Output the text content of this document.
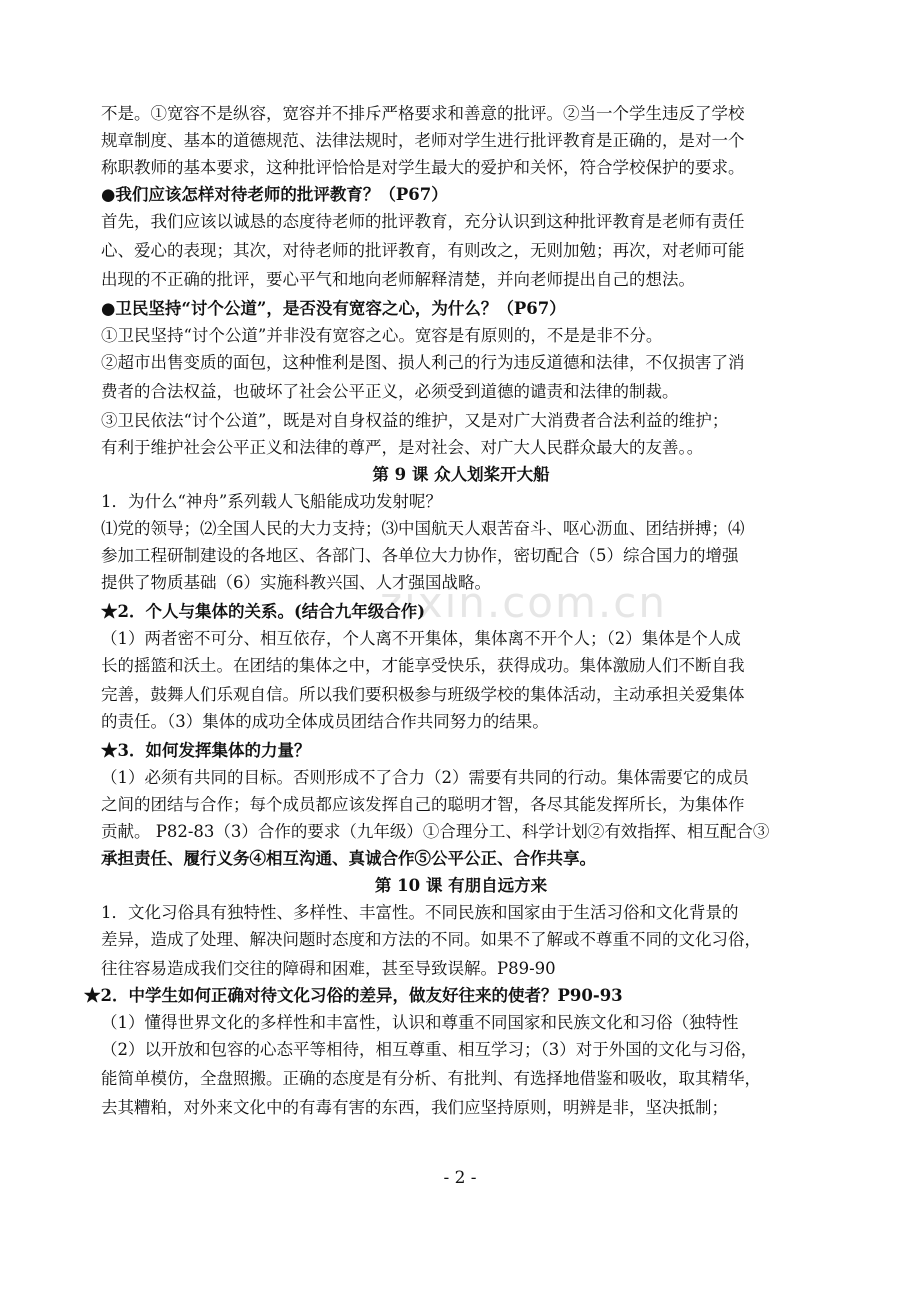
zixin.com.cn
不是。①宽容不是纵容，宽容并不排斥严格要求和善意的批评。②当一个学生违反了学校
规章制度、基本的道德规范、法律法规时，老师对学生进行批评教育是正确的，是对一个
称职教师的基本要求，这种批评恰恰是对学生最大的爱护和关怀，符合学校保护的要求。
●我们应该怎样对待老师的批评教育？（P67）
首先，我们应该以诚恳的态度待老师的批评教育，充分认识到这种批评教育是老师有责任
心、爱心的表现；其次，对待老师的批评教育，有则改之，无则加勉；再次，对老师可能
出现的不正确的批评，要心平气和地向老师解释清楚，并向老师提出自己的想法。
●卫民坚持“讨个公道”，是否没有宽容之心，为什么？（P67）
①卫民坚持“讨个公道”并非没有宽容之心。宽容是有原则的，不是是非不分。
②超市出售变质的面包，这种惟利是图、损人利己的行为违反道德和法律，不仅损害了消
费者的合法权益，也破坏了社会公平正义，必须受到道德的谴责和法律的制裁。
③卫民依法“讨个公道”，既是对自身权益的维护，又是对广大消费者合法利益的维护；
有利于维护社会公平正义和法律的尊严，是对社会、对广大人民群众最大的友善。。
第 9 课 众人划桨开大船
1．为什么“神舟”系列载人飞船能成功发射呢？
⑴党的领导；⑵全国人民的大力支持；⑶中国航天人艰苦奋斗、呕心沥血、团结拼搏；⑷
参加工程研制建设的各地区、各部门、各单位大力协作，密切配合（5）综合国力的增强
提供了物质基础（6）实施科教兴国、人才强国战略。
★2．个人与集体的关系。(结合九年级合作)
（1）两者密不可分、相互依存，个人离不开集体，集体离不开个人；（2）集体是个人成
长的摇篮和沃土。在团结的集体之中，才能享受快乐，获得成功。集体激励人们不断自我
完善，鼓舞人们乐观自信。所以我们要积极参与班级学校的集体活动，主动承担关爱集体
的责任。（3）集体的成功全体成员团结合作共同努力的结果。
★3．如何发挥集体的力量？
（1）必须有共同的目标。否则形成不了合力（2）需要有共同的行动。集体需要它的成员
之间的团结与合作；每个成员都应该发挥自己的聪明才智，各尽其能发挥所长，为集体作
贡献。 P82-83（3）合作的要求（九年级）①合理分工、科学计划②有效指挥、相互配合③
承担责任、履行义务④相互沟通、真诚合作⑤公平公正、合作共享。
第 10 课 有朋自远方来
1．文化习俗具有独特性、多样性、丰富性。不同民族和国家由于生活习俗和文化背景的
差异，造成了处理、解决问题时态度和方法的不同。如果不了解或不尊重不同的文化习俗，
往往容易造成我们交往的障碍和困难，甚至导致误解。P89-90
★2．中学生如何正确对待文化习俗的差异，做友好往来的使者？P90-93
（1）懂得世界文化的多样性和丰富性，认识和尊重不同国家和民族文化和习俗（独特性
（2）以开放和包容的心态平等相待，相互尊重、相互学习；（3）对于外国的文化与习俗，
能简单模仿，全盘照搬。正确的态度是有分析、有批判、有选择地借鉴和吸收，取其精华，
去其糟粕，对外来文化中的有毒有害的东西，我们应坚持原则，明辨是非，坚决抵制；
- 2 -
